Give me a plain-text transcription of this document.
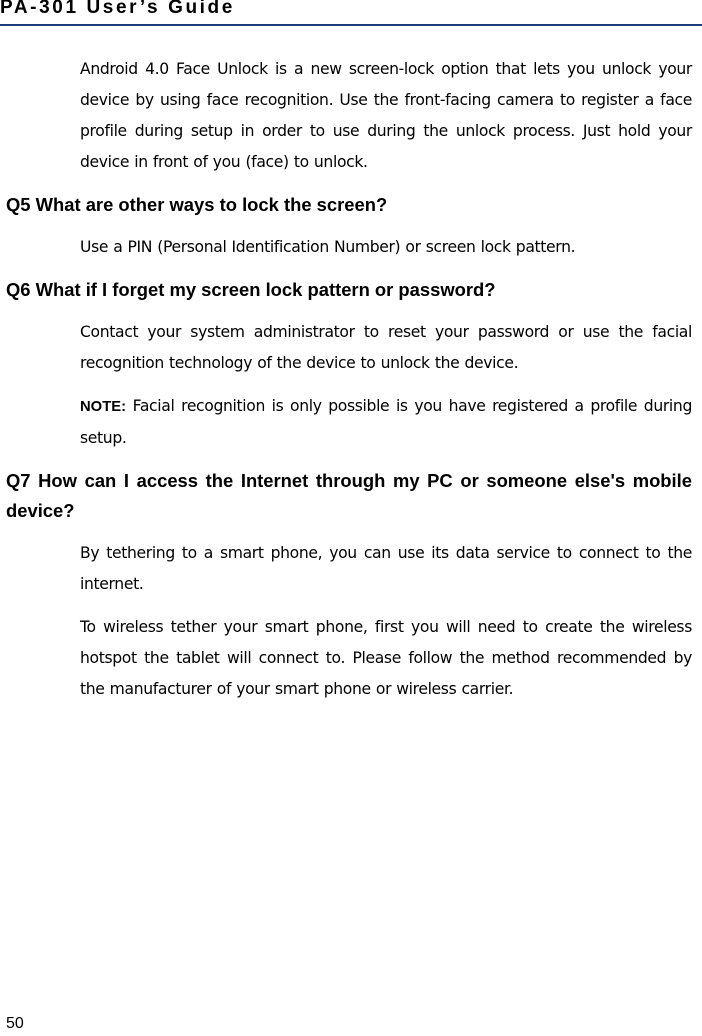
PA-301 User’s Guide

Android 4.0 Face Unlock is a new screen-lock option that lets you unlock your device by using face recognition. Use the front-facing camera to register a face profile during setup in order to use during the unlock process. Just hold your device in front of you (face) to unlock.

Q5 What are other ways to lock the screen?

Use a PIN (Personal Identification Number) or screen lock pattern.

Q6 What if I forget my screen lock pattern or password?

Contact your system administrator to reset your password or use the facial recognition technology of the device to unlock the device.

NOTE: Facial recognition is only possible is you have registered a profile during setup.

Q7 How can I access the Internet through my PC or someone else's mobile device?

By tethering to a smart phone, you can use its data service to connect to the internet.

To wireless tether your smart phone, first you will need to create the wireless hotspot the tablet will connect to. Please follow the method recommended by the manufacturer of your smart phone or wireless carrier.

50
